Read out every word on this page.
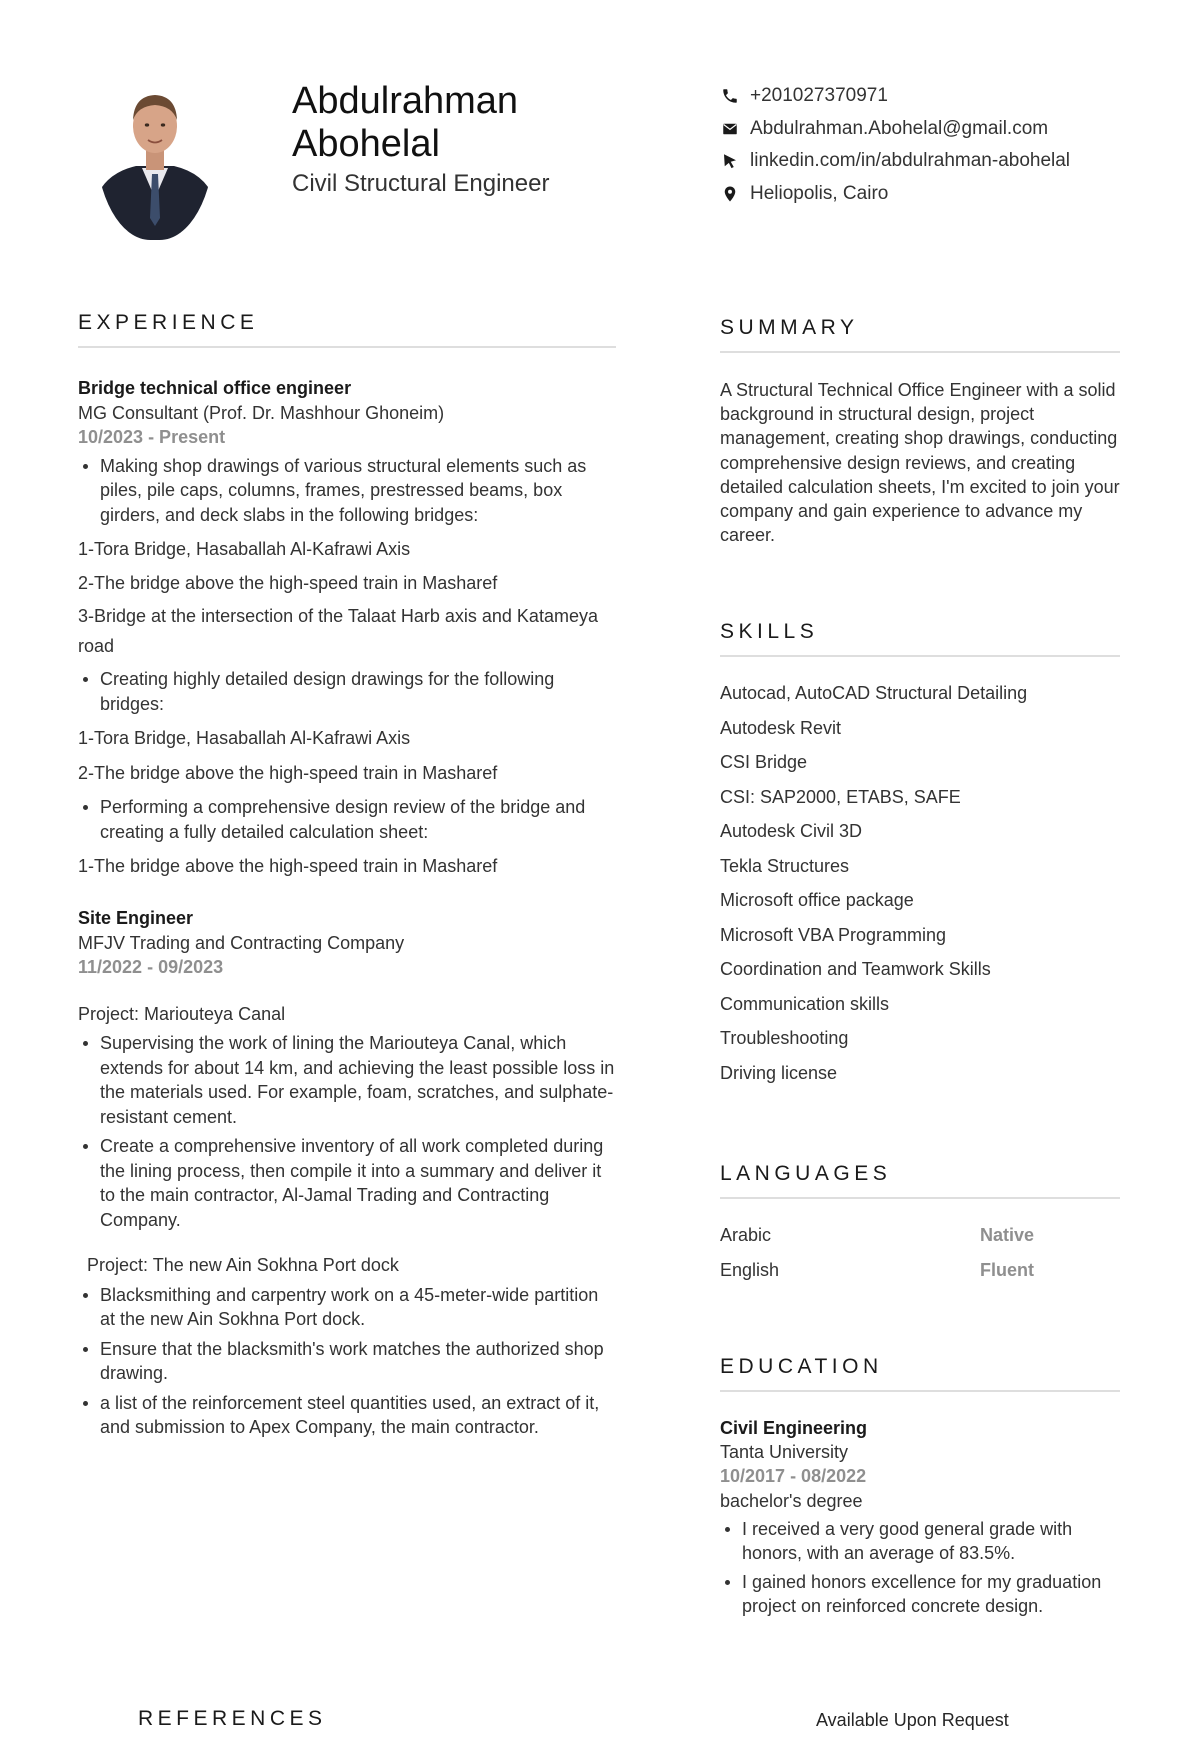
Abdulrahman
Abohelal
Civil Structural Engineer
+201027370971
Abdulrahman.Abohelal@gmail.com
linkedin.com/in/abdulrahman-abohelal
Heliopolis, Cairo
EXPERIENCE
Bridge technical office engineer
MG Consultant (Prof. Dr. Mashhour Ghoneim)
10/2023 - Present
Making shop drawings of various structural elements such as piles, pile caps, columns, frames, prestressed beams, box girders, and deck slabs in the following bridges:
1-Tora Bridge, Hasaballah Al-Kafrawi Axis
2-The bridge above the high-speed train in Masharef
3-Bridge at the intersection of the Talaat Harb axis and Katameya road
Creating highly detailed design drawings for the following bridges:
1-Tora Bridge, Hasaballah Al-Kafrawi Axis
2-The bridge above the high-speed train in Masharef
Performing a comprehensive design review of the bridge and creating a fully detailed calculation sheet:
1-The bridge above the high-speed train in Masharef
Site Engineer
MFJV Trading and Contracting Company
11/2022 - 09/2023
Project: Mariouteya Canal
Supervising the work of lining the Mariouteya Canal, which extends for about 14 km, and achieving the least possible loss in the materials used. For example, foam, scratches, and sulphate-resistant cement.
Create a comprehensive inventory of all work completed during the lining process, then compile it into a summary and deliver it to the main contractor, Al-Jamal Trading and Contracting Company.
Project: The new Ain Sokhna Port dock
Blacksmithing and carpentry work on a 45-meter-wide partition at the new Ain Sokhna Port dock.
Ensure that the blacksmith's work matches the authorized shop drawing.
a list of the reinforcement steel quantities used, an extract of it, and submission to Apex Company, the main contractor.
SUMMARY
A Structural Technical Office Engineer with a solid background in structural design, project management, creating shop drawings, conducting comprehensive design reviews, and creating detailed calculation sheets, I'm excited to join your company and gain experience to advance my career.
SKILLS
Autocad, AutoCAD Structural Detailing
Autodesk Revit
CSI Bridge
CSI: SAP2000, ETABS, SAFE
Autodesk Civil 3D
Tekla Structures
Microsoft office package
Microsoft VBA Programming
Coordination and Teamwork Skills
Communication skills
Troubleshooting
Driving license
LANGUAGES
Arabic	Native
English	Fluent
EDUCATION
Civil Engineering
Tanta University
10/2017 - 08/2022
bachelor's degree
I received a very good general grade with honors, with an average of 83.5%.
I gained honors excellence for my graduation project on reinforced concrete design.
REFERENCES	Available Upon Request
